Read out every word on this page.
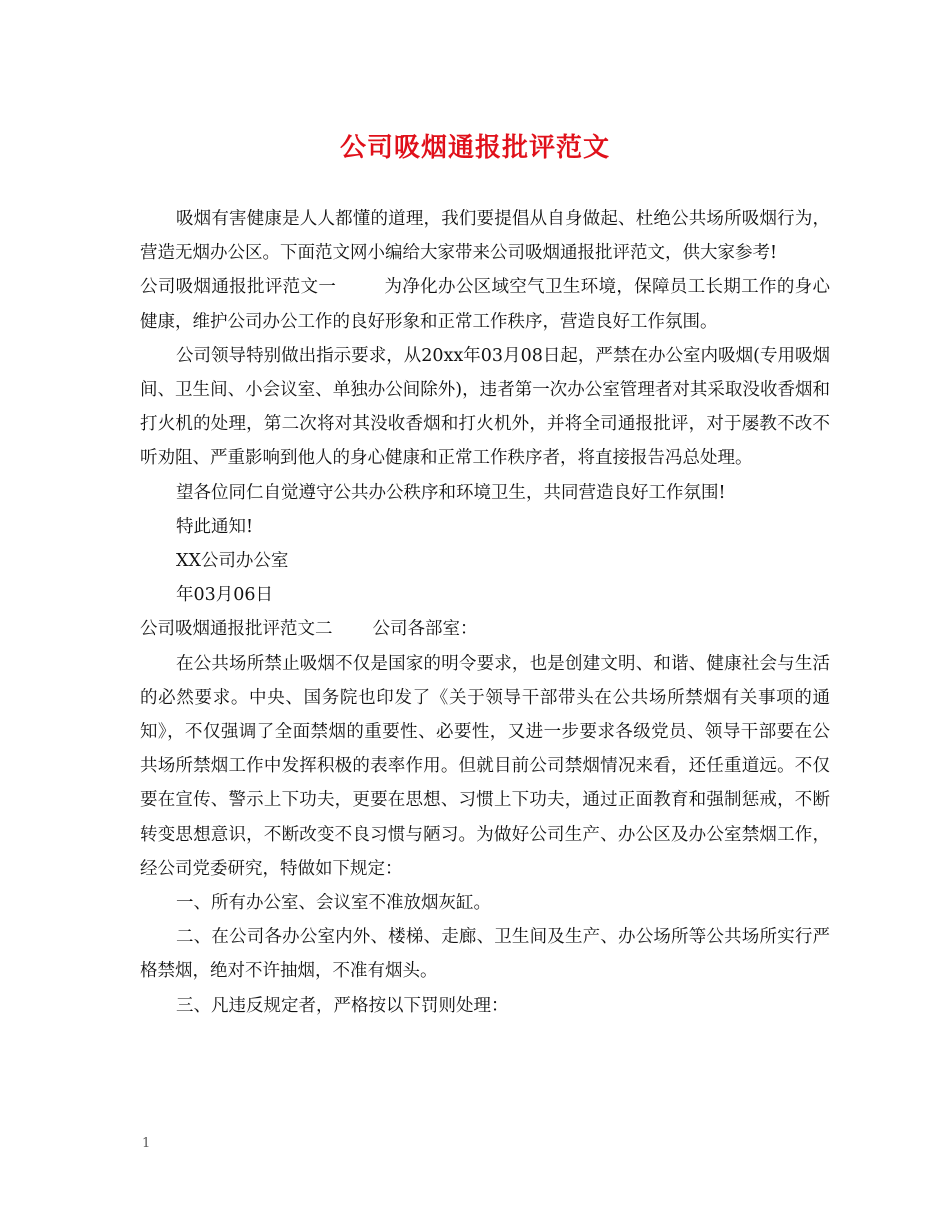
公司吸烟通报批评范文

吸烟有害健康是人人都懂的道理，我们要提倡从自身做起、杜绝公共场所吸烟行为，营造无烟办公区。下面范文网小编给大家带来公司吸烟通报批评范文，供大家参考!

公司吸烟通报批评范文一	为净化办公区域空气卫生环境，保障员工长期工作的身心健康，维护公司办公工作的良好形象和正常工作秩序，营造良好工作氛围。

公司领导特别做出指示要求，从20xx年03月08日起，严禁在办公室内吸烟(专用吸烟间、卫生间、小会议室、单独办公间除外)，违者第一次办公室管理者对其采取没收香烟和打火机的处理，第二次将对其没收香烟和打火机外，并将全司通报批评，对于屡教不改不听劝阻、严重影响到他人的身心健康和正常工作秩序者，将直接报告冯总处理。

望各位同仁自觉遵守公共办公秩序和环境卫生，共同营造良好工作氛围!

特此通知!

XX公司办公室

年03月06日

公司吸烟通报批评范文二 公司各部室：

在公共场所禁止吸烟不仅是国家的明令要求，也是创建文明、和谐、健康社会与生活的必然要求。中央、国务院也印发了《关于领导干部带头在公共场所禁烟有关事项的通知》，不仅强调了全面禁烟的重要性、必要性，又进一步要求各级党员、领导干部要在公共场所禁烟工作中发挥积极的表率作用。但就目前公司禁烟情况来看，还任重道远。不仅要在宣传、警示上下功夫，更要在思想、习惯上下功夫，通过正面教育和强制惩戒，不断转变思想意识，不断改变不良习惯与陋习。为做好公司生产、办公区及办公室禁烟工作，经公司党委研究，特做如下规定：

一、所有办公室、会议室不准放烟灰缸。

二、在公司各办公室内外、楼梯、走廊、卫生间及生产、办公场所等公共场所实行严格禁烟，绝对不许抽烟，不准有烟头。

三、凡违反规定者，严格按以下罚则处理：

1
